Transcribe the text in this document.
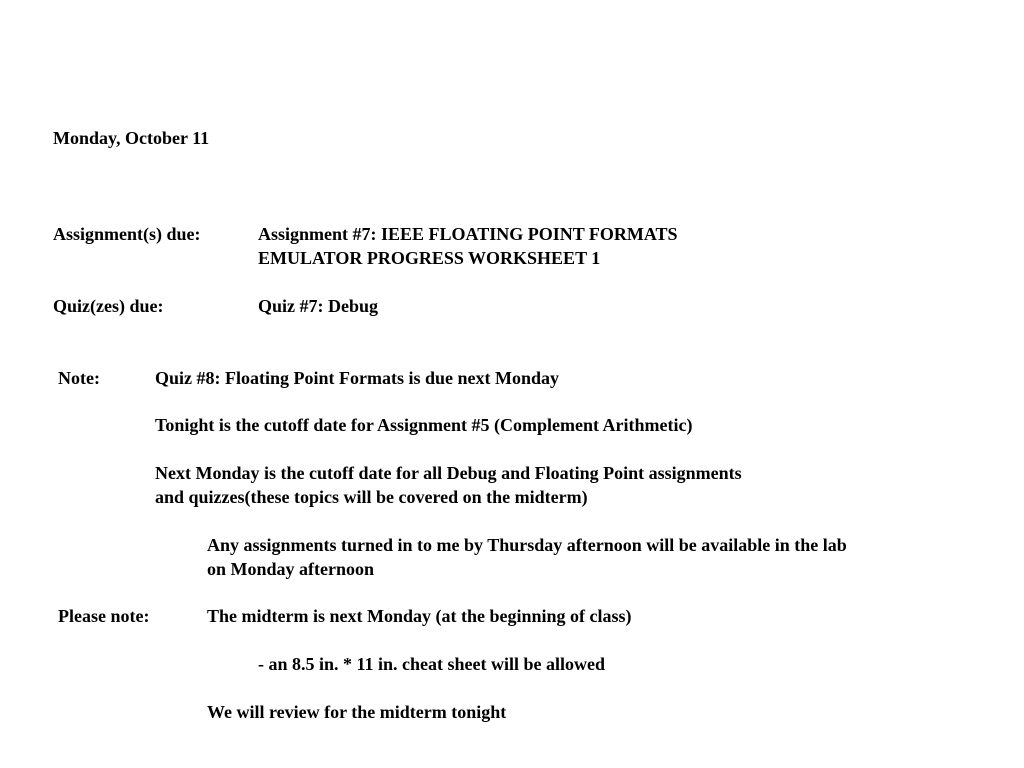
Monday, October 11
Assignment(s) due:	Assignment #7: IEEE FLOATING POINT FORMATS
EMULATOR PROGRESS WORKSHEET 1
Quiz(zes) due:	Quiz #7: Debug
Note:	Quiz #8: Floating Point Formats is due next Monday
Tonight is the cutoff date for Assignment #5 (Complement Arithmetic)
Next Monday is the cutoff date for all Debug and Floating Point assignments
and quizzes(these topics will be covered on the midterm)
Any assignments turned in to me by Thursday afternoon will be available in the lab
on Monday afternoon
Please note:	The midterm is next Monday (at the beginning of class)
- an 8.5 in. * 11 in. cheat sheet will be allowed
We will review for the midterm tonight
